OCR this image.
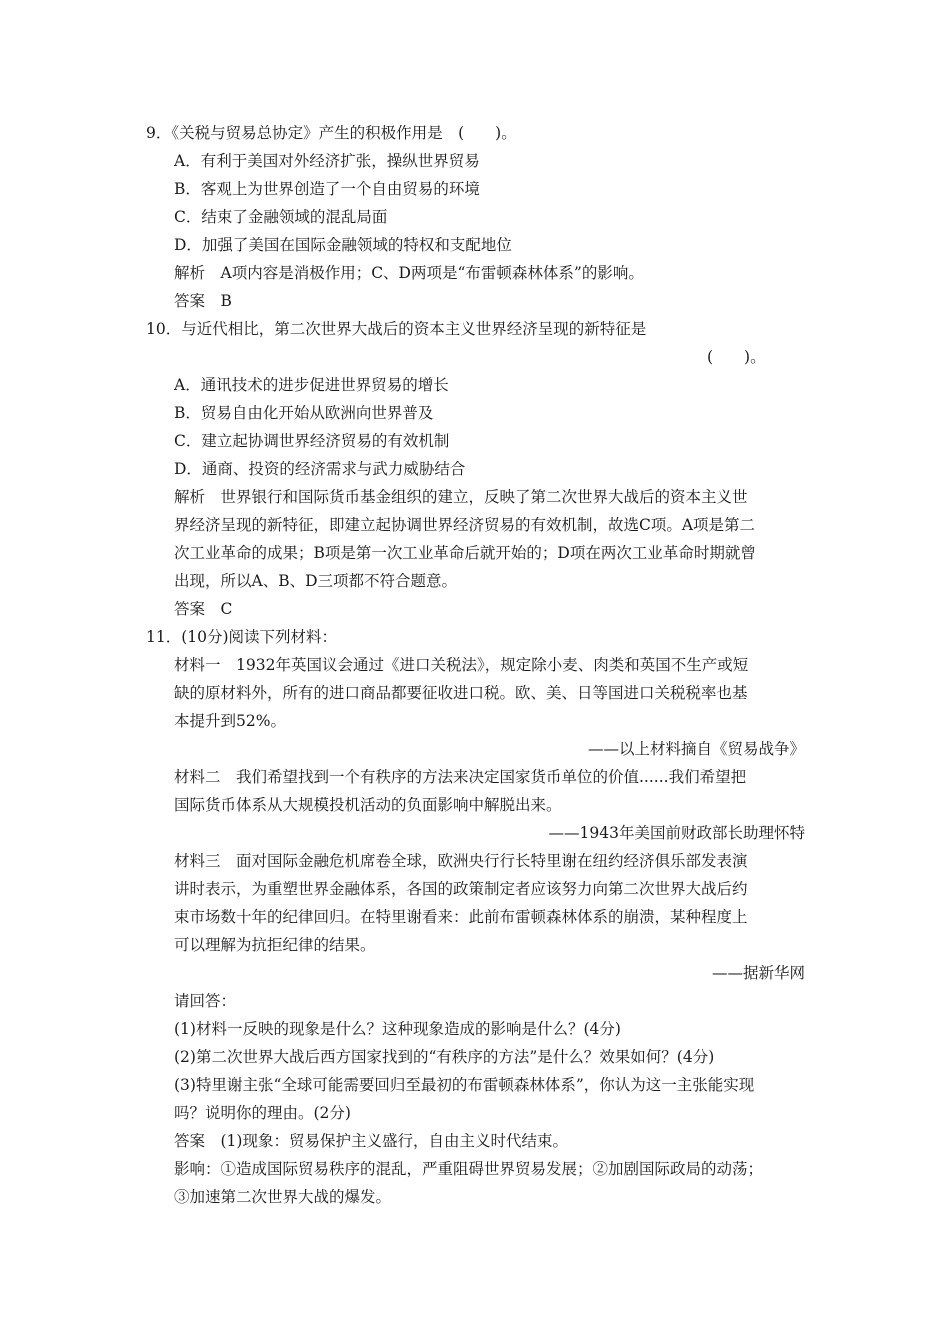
9．《关税与贸易总协定》产生的积极作用是　(　　)。
A．有利于美国对外经济扩张，操纵世界贸易
B．客观上为世界创造了一个自由贸易的环境
C．结束了金融领域的混乱局面
D．加强了美国在国际金融领域的特权和支配地位
解析　A项内容是消极作用；C、D两项是“布雷顿森林体系”的影响。
答案　B
10．与近代相比，第二次世界大战后的资本主义世界经济呈现的新特征是
(　　)。
A．通讯技术的进步促进世界贸易的增长
B．贸易自由化开始从欧洲向世界普及
C．建立起协调世界经济贸易的有效机制
D．通商、投资的经济需求与武力威胁结合
解析　世界银行和国际货币基金组织的建立，反映了第二次世界大战后的资本主义世
界经济呈现的新特征，即建立起协调世界经济贸易的有效机制，故选C项。A项是第二
次工业革命的成果；B项是第一次工业革命后就开始的；D项在两次工业革命时期就曾
出现，所以A、B、D三项都不符合题意。
答案　C
11．(10分)阅读下列材料：
材料一　1932年英国议会通过《进口关税法》，规定除小麦、肉类和英国不生产或短
缺的原材料外，所有的进口商品都要征收进口税。欧、美、日等国进口关税税率也基
本提升到52%。
——以上材料摘自《贸易战争》
材料二　我们希望找到一个有秩序的方法来决定国家货币单位的价值......我们希望把
国际货币体系从大规模投机活动的负面影响中解脱出来。
——1943年美国前财政部长助理怀特
材料三　面对国际金融危机席卷全球，欧洲央行行长特里谢在纽约经济俱乐部发表演
讲时表示，为重塑世界金融体系，各国的政策制定者应该努力向第二次世界大战后约
束市场数十年的纪律回归。在特里谢看来：此前布雷顿森林体系的崩溃，某种程度上
可以理解为抗拒纪律的结果。
——据新华网
请回答：
(1)材料一反映的现象是什么？这种现象造成的影响是什么？(4分)
(2)第二次世界大战后西方国家找到的“有秩序的方法”是什么？效果如何？(4分)
(3)特里谢主张“全球可能需要回归至最初的布雷顿森林体系”，你认为这一主张能实现
吗？说明你的理由。(2分)
答案　(1)现象：贸易保护主义盛行，自由主义时代结束。
影响：①造成国际贸易秩序的混乱，严重阻碍世界贸易发展；②加剧国际政局的动荡；
③加速第二次世界大战的爆发。
